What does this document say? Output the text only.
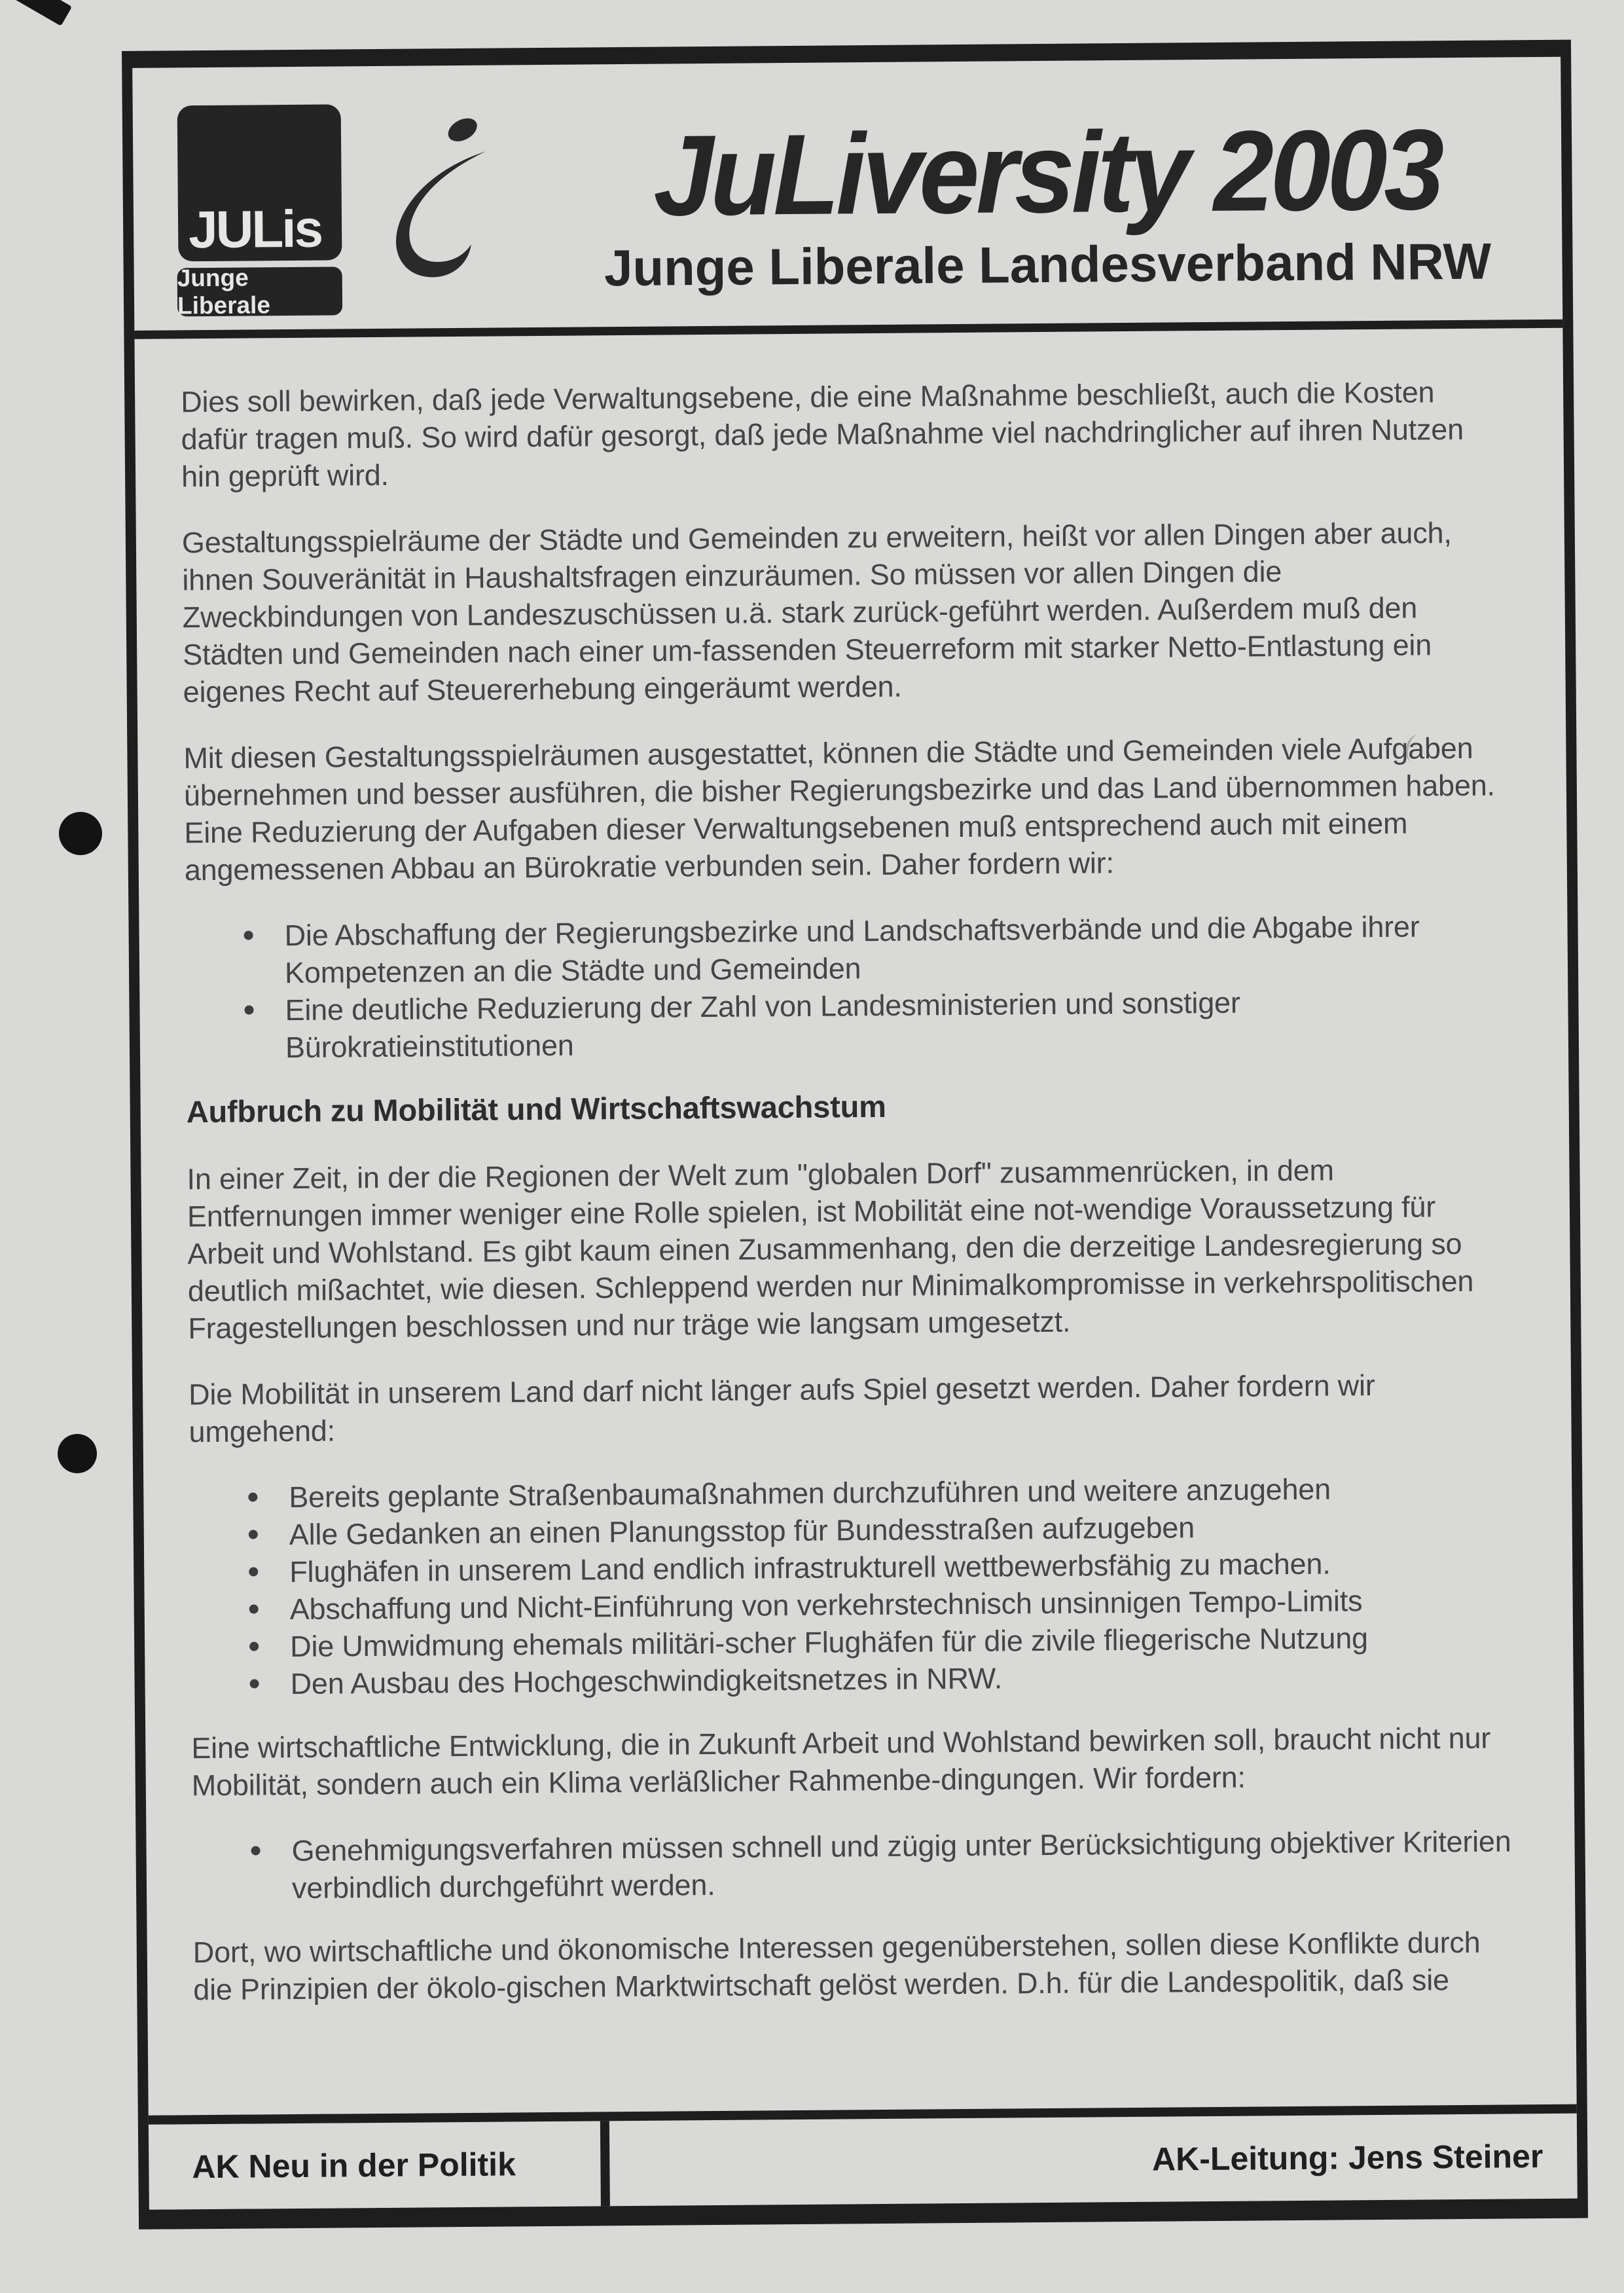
JULis
Junge Liberale
JuLiversity 2003
Junge Liberale Landesverband NRW

Dies soll bewirken, daß jede Verwaltungsebene, die eine Maßnahme beschließt, auch die Kosten dafür tragen muß. So wird dafür gesorgt, daß jede Maßnahme viel nachdringlicher auf ihren Nutzen hin geprüft wird.

Gestaltungsspielräume der Städte und Gemeinden zu erweitern, heißt vor allen Dingen aber auch, ihnen Souveränität in Haushaltsfragen einzuräumen. So müssen vor allen Dingen die Zweckbindungen von Landeszuschüssen u.ä. stark zurück-geführt werden. Außerdem muß den Städten und Gemeinden nach einer um-fassenden Steuerreform mit starker Netto-Entlastung ein eigenes Recht auf Steuererhebung eingeräumt werden.

Mit diesen Gestaltungsspielräumen ausgestattet, können die Städte und Gemeinden viele Aufgaben übernehmen und besser ausführen, die bisher Regierungsbezirke und das Land übernommen haben. Eine Reduzierung der Aufgaben dieser Verwaltungsebenen muß entsprechend auch mit einem angemessenen Abbau an Bürokratie verbunden sein. Daher fordern wir:

Die Abschaffung der Regierungsbezirke und Landschaftsverbände und die Abgabe ihrer Kompetenzen an die Städte und Gemeinden
Eine deutliche Reduzierung der Zahl von Landesministerien und sonstiger Bürokratieinstitutionen
Aufbruch zu Mobilität und Wirtschaftswachstum

In einer Zeit, in der die Regionen der Welt zum "globalen Dorf" zusammenrücken, in dem Entfernungen immer weniger eine Rolle spielen, ist Mobilität eine not-wendige Voraussetzung für Arbeit und Wohlstand. Es gibt kaum einen Zusammenhang, den die derzeitige Landesregierung so deutlich mißachtet, wie diesen. Schleppend werden nur Minimalkompromisse in verkehrspolitischen Fragestellungen beschlossen und nur träge wie langsam umgesetzt.

Die Mobilität in unserem Land darf nicht länger aufs Spiel gesetzt werden. Daher fordern wir umgehend:

Bereits geplante Straßenbaumaßnahmen durchzuführen und weitere anzugehen
Alle Gedanken an einen Planungsstop für Bundesstraßen aufzugeben
Flughäfen in unserem Land endlich infrastrukturell wettbewerbsfähig zu machen.
Abschaffung und Nicht-Einführung von verkehrstechnisch unsinnigen Tempo-Limits
Die Umwidmung ehemals militäri-scher Flughäfen für die zivile fliegerische Nutzung
Den Ausbau des Hochgeschwindigkeitsnetzes in NRW.

Eine wirtschaftliche Entwicklung, die in Zukunft Arbeit und Wohlstand bewirken soll, braucht nicht nur Mobilität, sondern auch ein Klima verläßlicher Rahmenbe-dingungen. Wir fordern:

Genehmigungsverfahren müssen schnell und zügig unter Berücksichtigung objektiver Kriterien verbindlich durchgeführt werden.

Dort, wo wirtschaftliche und ökonomische Interessen gegenüberstehen, sollen diese Konflikte durch die Prinzipien der ökolo-gischen Marktwirtschaft gelöst werden. D.h. für die Landespolitik, daß sie

AK Neu in der Politik	AK-Leitung: Jens Steiner
